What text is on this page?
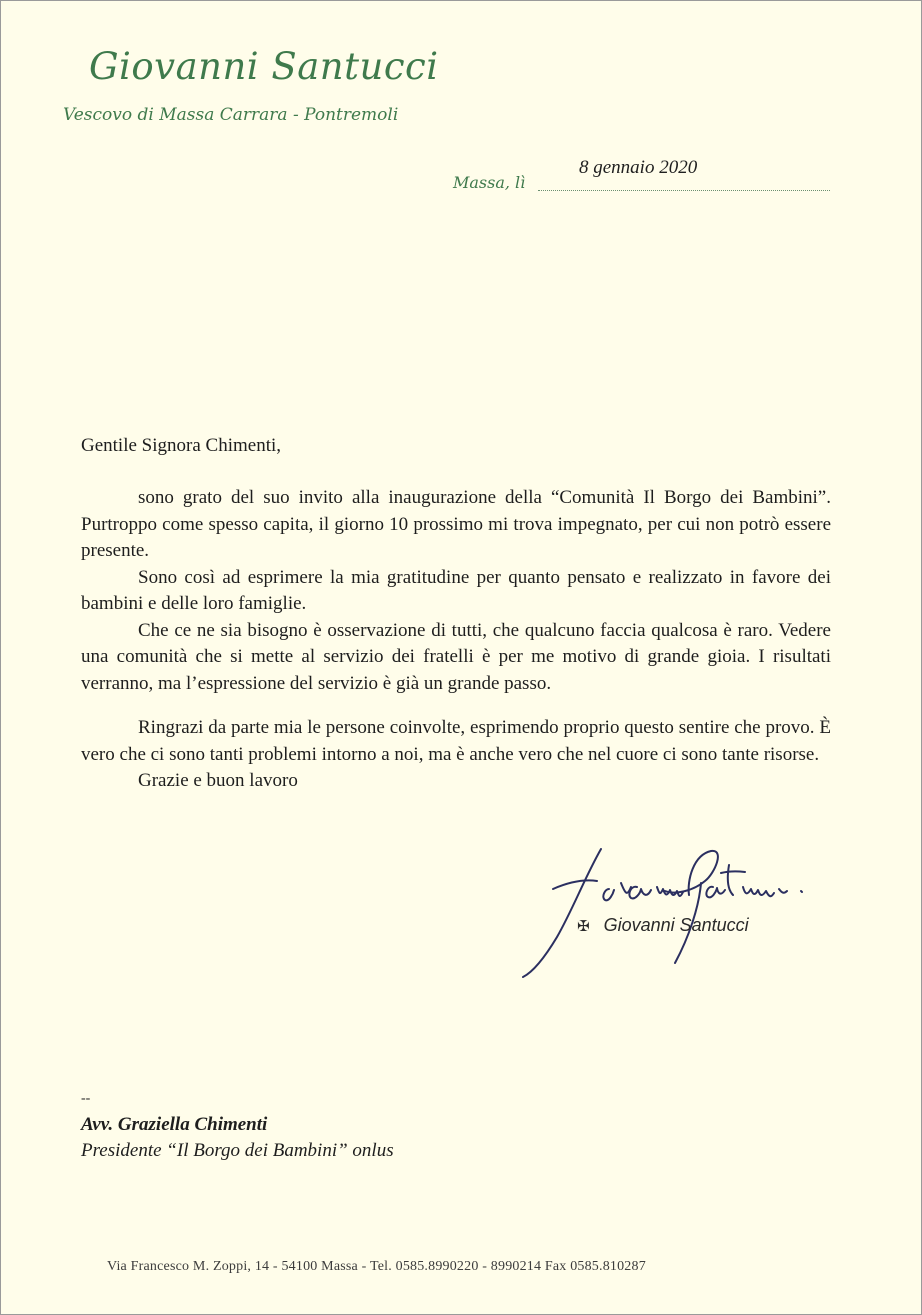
Giovanni Santucci
Vescovo di Massa Carrara - Pontremoli
Massa, lì
8 gennaio 2020
Gentile Signora Chimenti,

sono grato del suo invito alla inaugurazione della “Comunità Il Borgo dei Bambini”. Purtroppo come spesso capita, il giorno 10 prossimo mi trova impegnato, per cui non potrò essere presente.

Sono così ad esprimere la mia gratitudine per quanto pensato e realizzato in favore dei bambini e delle loro famiglie.

Che ce ne sia bisogno è osservazione di tutti, che qualcuno faccia qualcosa è raro. Vedere una comunità che si mette al servizio dei fratelli è per me motivo di grande gioia. I risultati verranno, ma l’espressione del servizio è già un grande passo.

Ringrazi da parte mia le persone coinvolte, esprimendo proprio questo sentire che provo. È vero che ci sono tanti problemi intorno a noi, ma è anche vero che nel cuore ci sono tante risorse.

Grazie e buon lavoro

✠ Giovanni Santucci
--
Avv. Graziella Chimenti
Presidente “Il Borgo dei Bambini” onlus
Via Francesco M. Zoppi, 14 - 54100 Massa - Tel. 0585.8990220 - 8990214 Fax 0585.810287
